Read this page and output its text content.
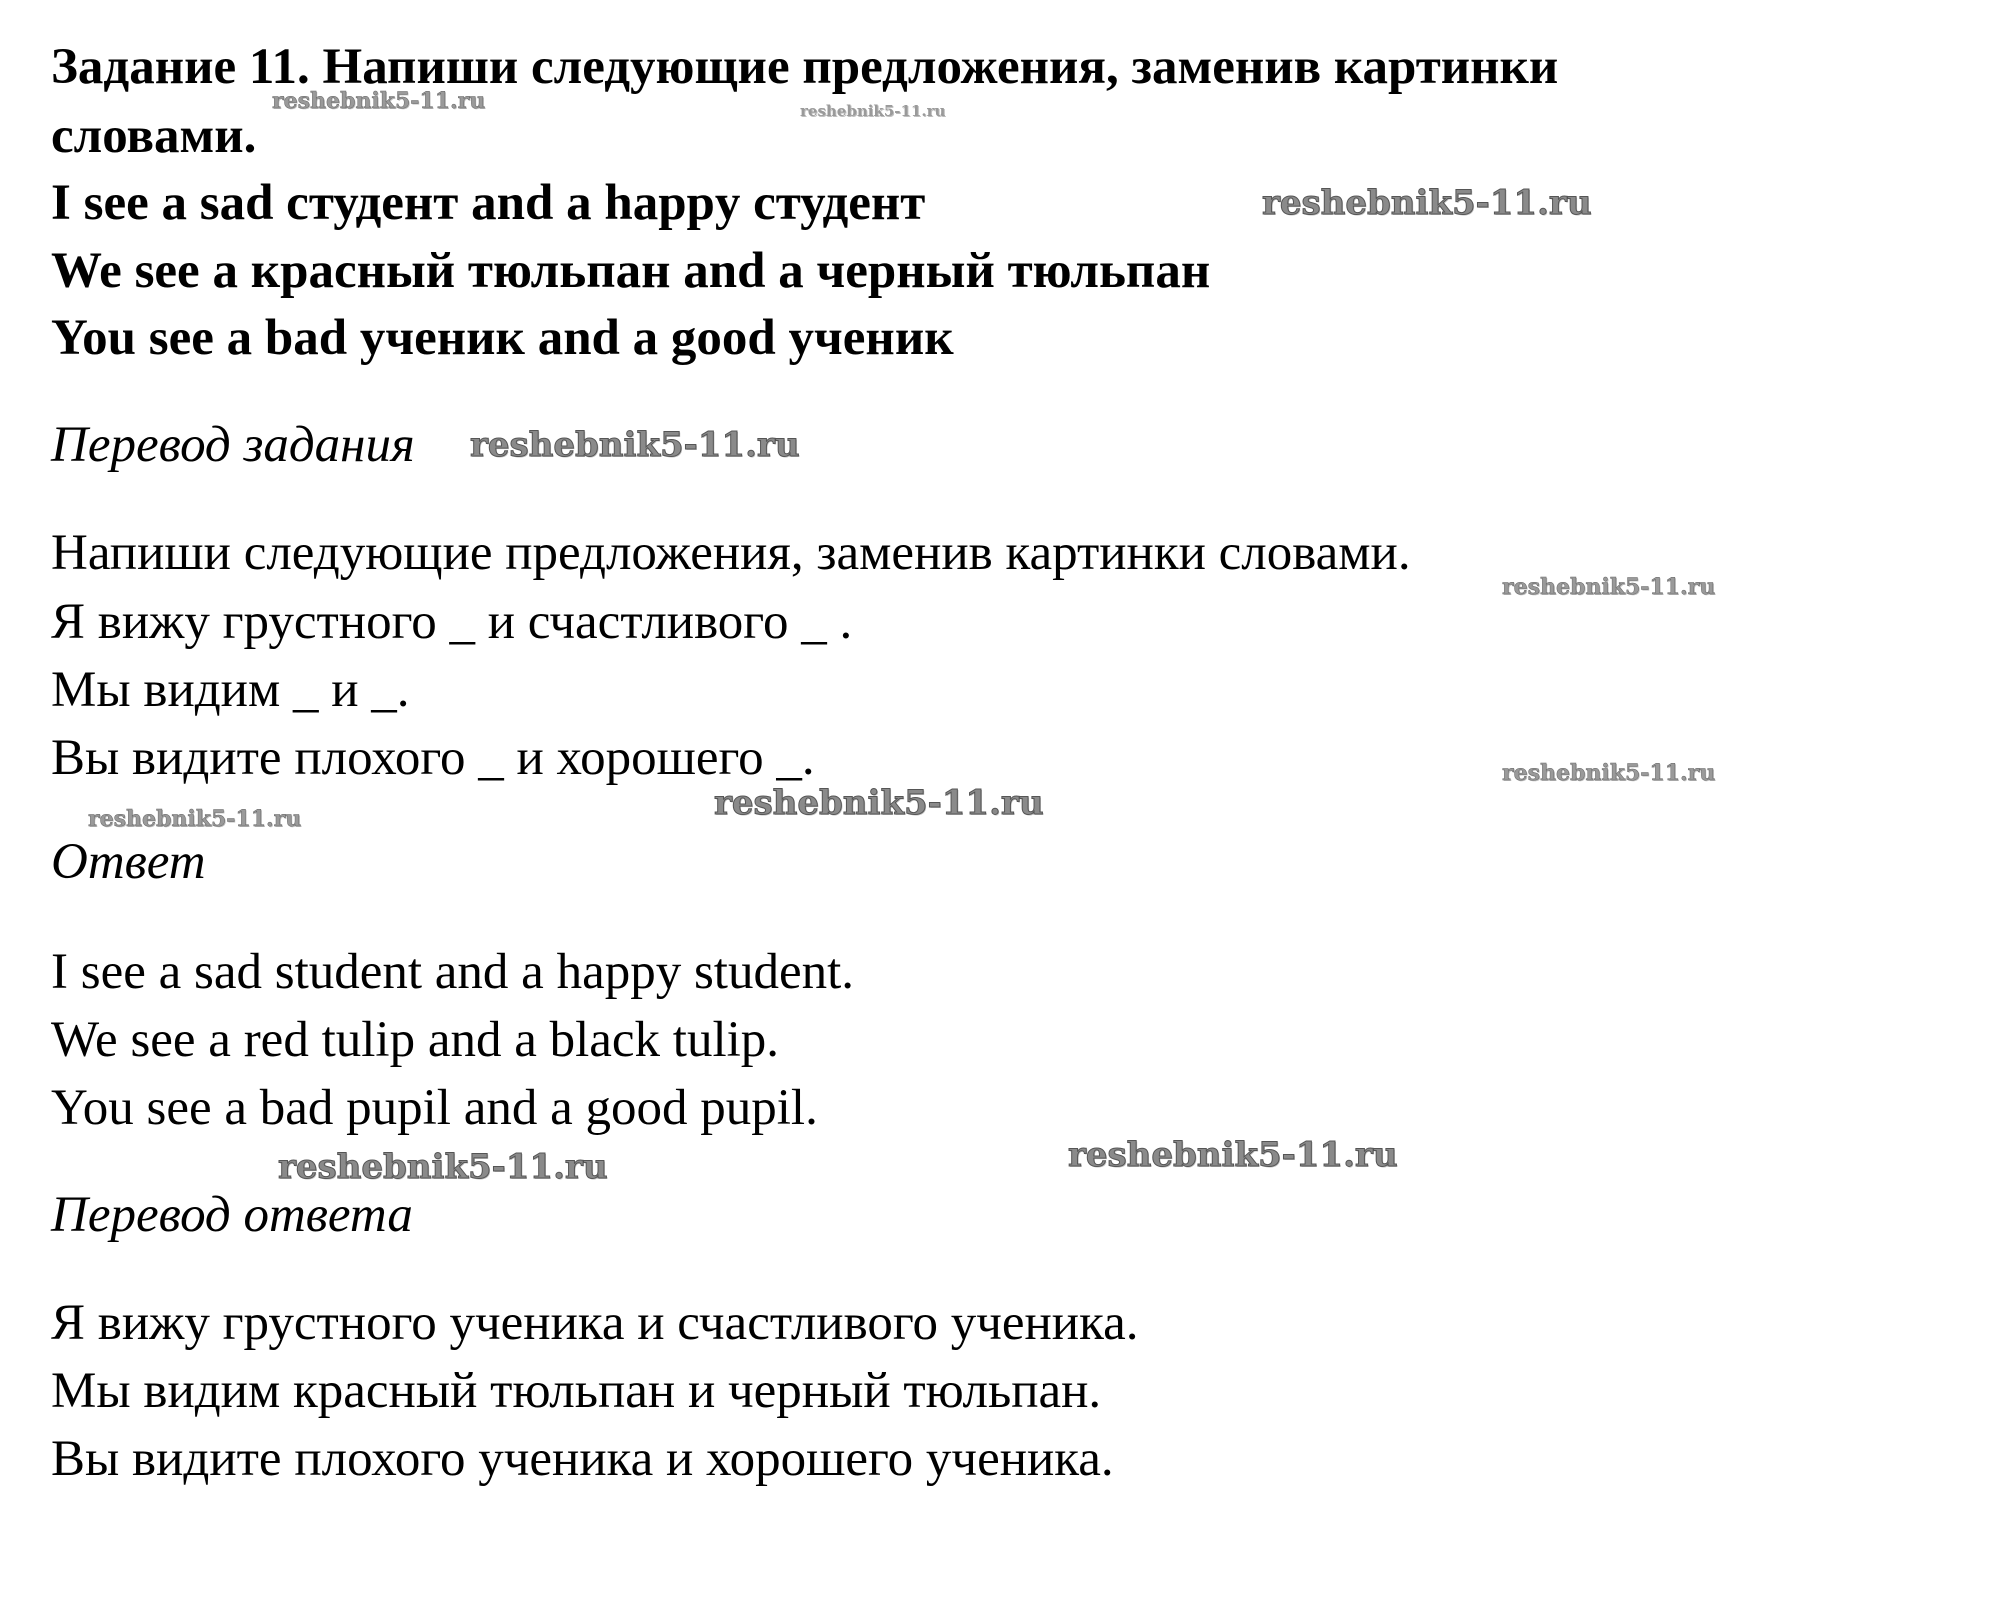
Задание 11. Напиши следующие предложения, заменив картинки
словами.
I see a sad студент and a happy студент
We see a красный тюльпан and a черный тюльпан
You see a bad ученик and a good ученик
Перевод задания
Напиши следующие предложения, заменив картинки словами.
Я вижу грустного _ и счастливого _ .
Мы видим _ и _.
Вы видите плохого _ и хорошего _.
Ответ
I see a sad student and a happy student.
We see a red tulip and a black tulip.
You see a bad pupil and a good pupil.
Перевод ответа
Я вижу грустного ученика и счастливого ученика.
Мы видим красный тюльпан и черный тюльпан.
Вы видите плохого ученика и хорошего ученика.
reshebnik5-11.ru	reshebnik5-11.ru
reshebnik5-11.ru
reshebnik5-11.ru
reshebnik5-11.ru
reshebnik5-11.ru
reshebnik5-11.ru
reshebnik5-11.ru
reshebnik5-11.ru	reshebnik5-11.ru
